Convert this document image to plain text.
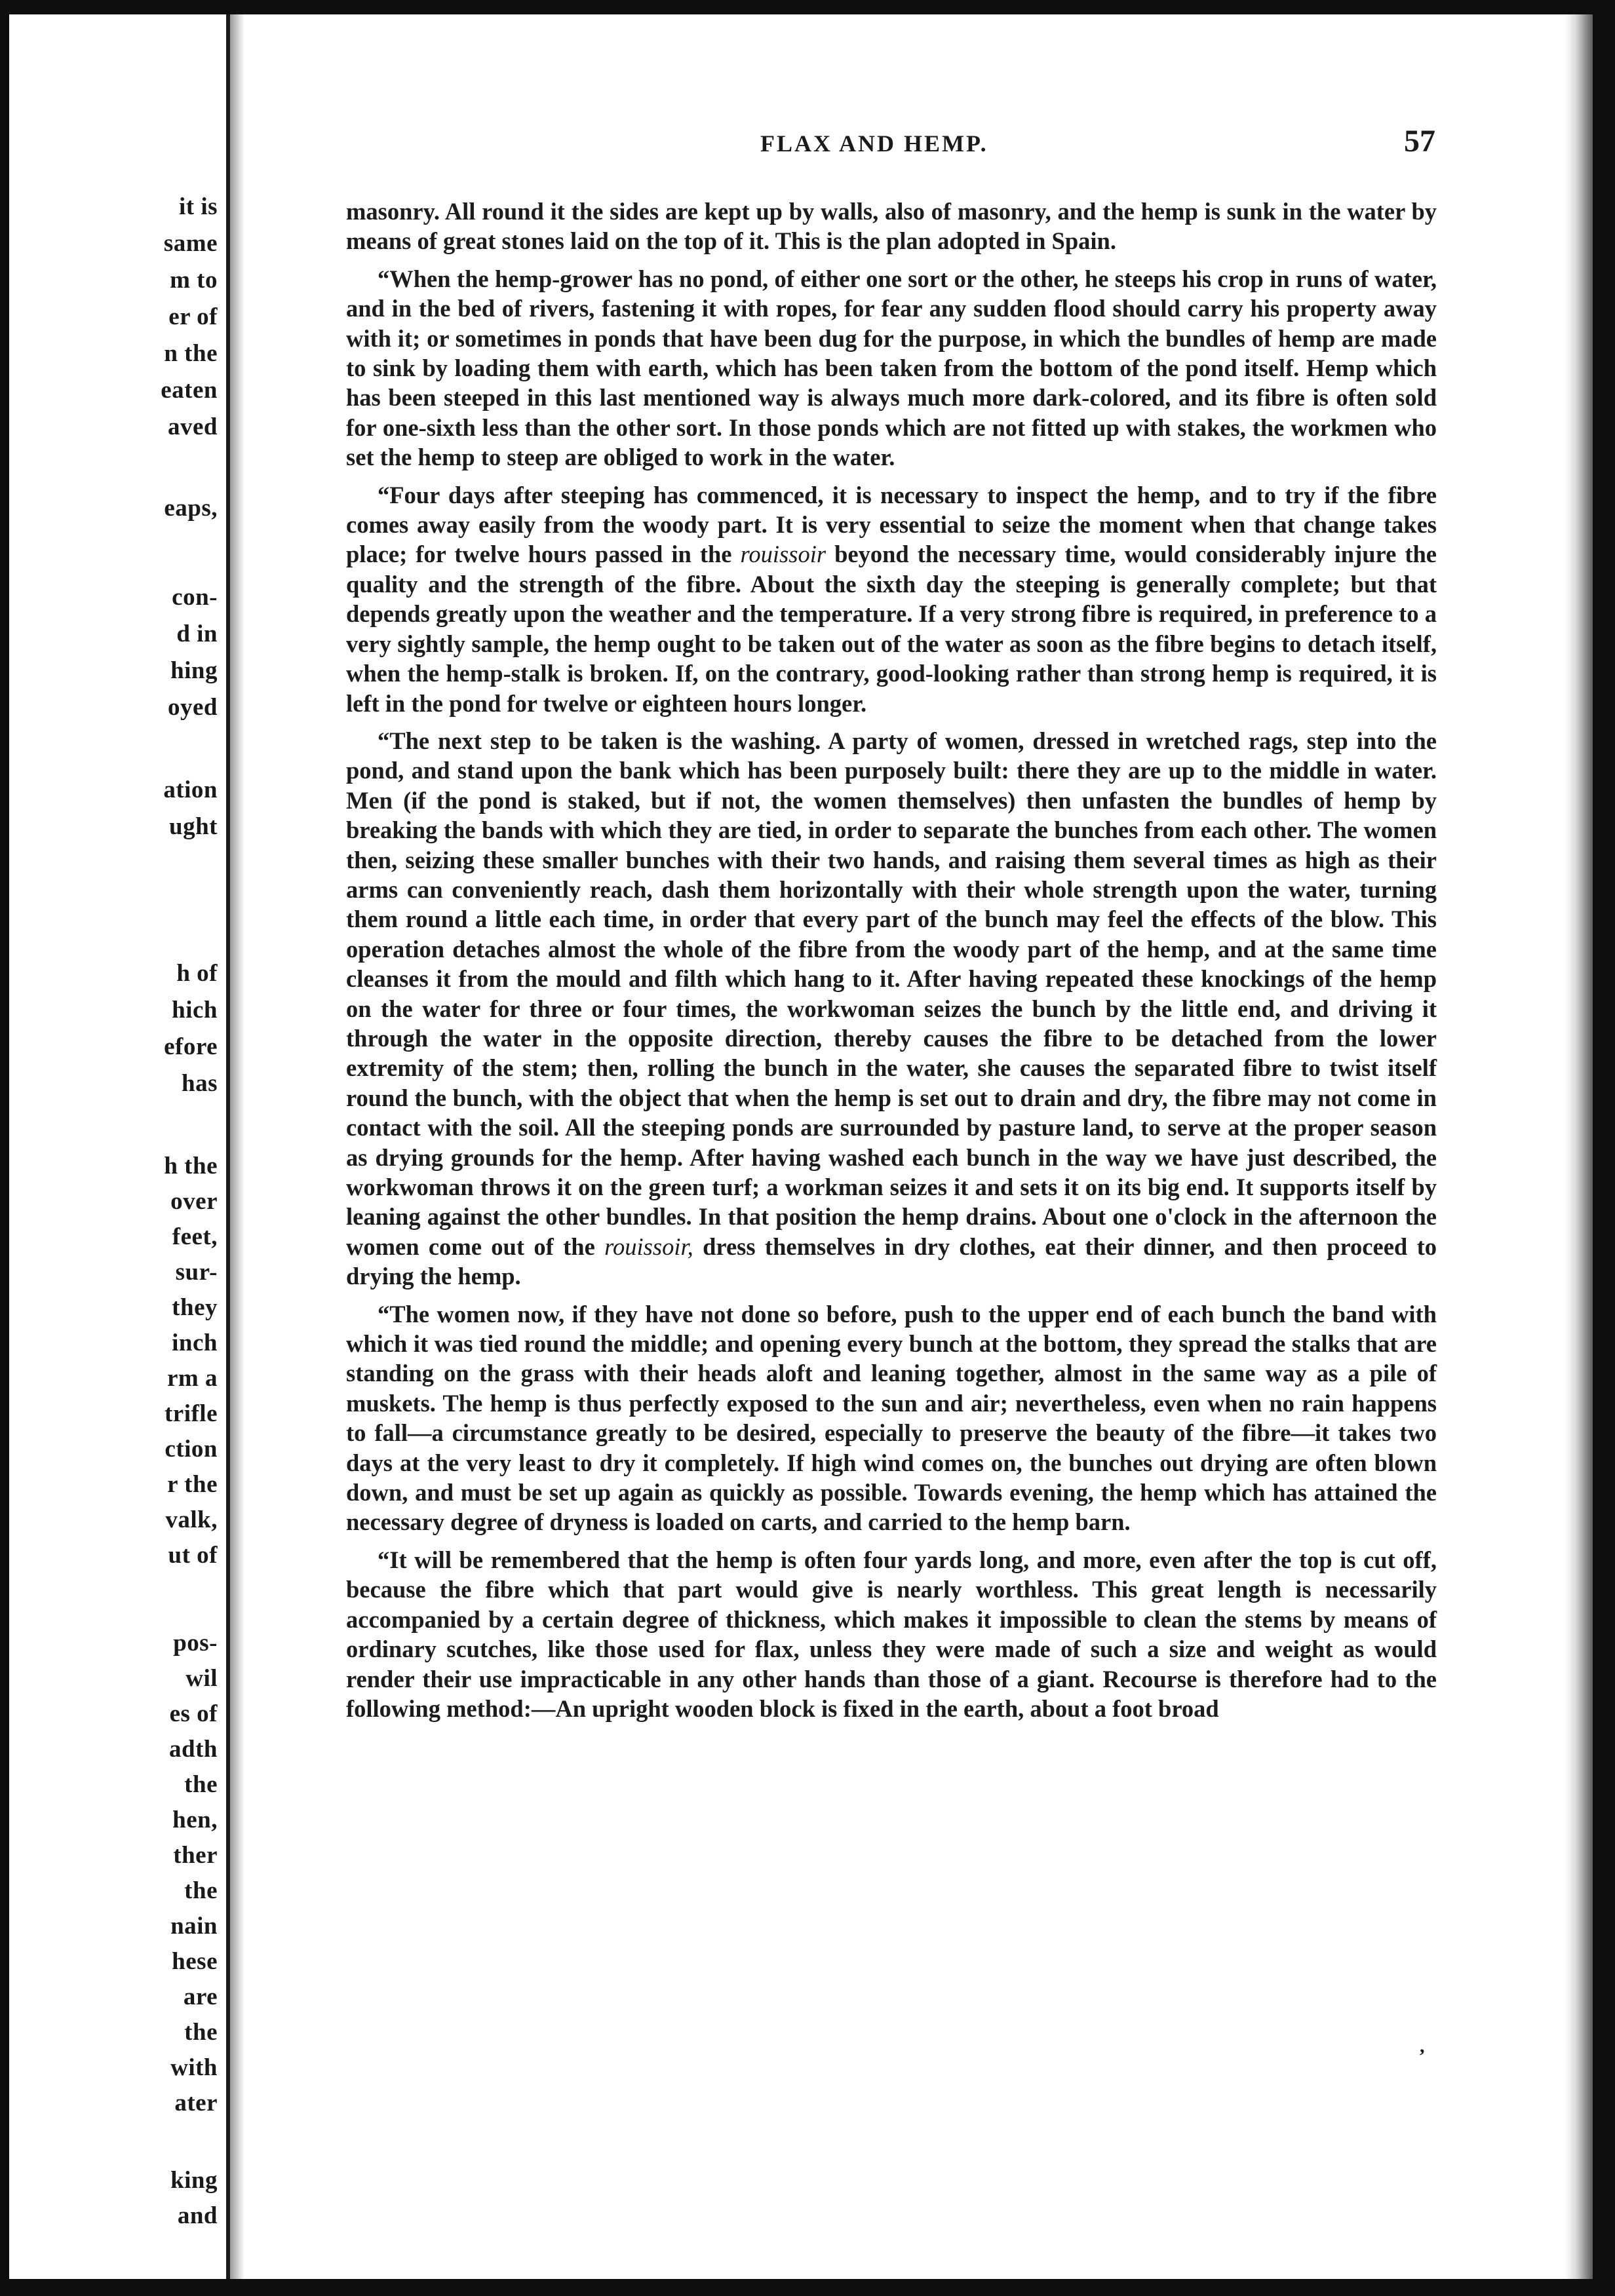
it is

same

m to

er of

n the

eaten

aved

eaps,

con-

d in

hing

oyed

ation

ught

h of

hich

efore

has

h the

over

feet,

sur-

they

inch

rm a

trifle

ction

r the

valk,

ut of

pos-

wil

es of

adth

the

hen,

ther

the

nain

hese

are

the

with

ater

king

and

FLAX AND HEMP.	57

masonry. All round it the sides are kept up by walls, also of masonry, and the hemp is sunk in the water by means of great stones laid on the top of it. This is the plan adopted in Spain.

“When the hemp-grower has no pond, of either one sort or the other, he steeps his crop in runs of water, and in the bed of rivers, fastening it with ropes, for fear any sudden flood should carry his property away with it; or sometimes in ponds that have been dug for the purpose, in which the bundles of hemp are made to sink by loading them with earth, which has been taken from the bottom of the pond itself. Hemp which has been steeped in this last mentioned way is always much more dark-colored, and its fibre is often sold for one-sixth less than the other sort. In those ponds which are not fitted up with stakes, the workmen who set the hemp to steep are obliged to work in the water.

“Four days after steeping has commenced, it is necessary to inspect the hemp, and to try if the fibre comes away easily from the woody part. It is very essential to seize the moment when that change takes place; for twelve hours passed in the rouissoir beyond the necessary time, would considerably injure the quality and the strength of the fibre. About the sixth day the steeping is generally complete; but that depends greatly upon the weather and the temperature. If a very strong fibre is required, in preference to a very sightly sample, the hemp ought to be taken out of the water as soon as the fibre begins to detach itself, when the hemp-stalk is broken. If, on the contrary, good-looking rather than strong hemp is required, it is left in the pond for twelve or eighteen hours longer.

“The next step to be taken is the washing. A party of women, dressed in wretched rags, step into the pond, and stand upon the bank which has been purposely built: there they are up to the middle in water. Men (if the pond is staked, but if not, the women themselves) then unfasten the bundles of hemp by breaking the bands with which they are tied, in order to separate the bunches from each other. The women then, seizing these smaller bunches with their two hands, and raising them several times as high as their arms can conveniently reach, dash them horizontally with their whole strength upon the water, turning them round a little each time, in order that every part of the bunch may feel the effects of the blow. This operation detaches almost the whole of the fibre from the woody part of the hemp, and at the same time cleanses it from the mould and filth which hang to it. After having repeated these knockings of the hemp on the water for three or four times, the workwoman seizes the bunch by the little end, and driving it through the water in the opposite direction, thereby causes the fibre to be detached from the lower extremity of the stem; then, rolling the bunch in the water, she causes the separated fibre to twist itself round the bunch, with the object that when the hemp is set out to drain and dry, the fibre may not come in contact with the soil. All the steeping ponds are surrounded by pasture land, to serve at the proper season as drying grounds for the hemp. After having washed each bunch in the way we have just described, the workwoman throws it on the green turf; a workman seizes it and sets it on its big end. It supports itself by leaning against the other bundles. In that position the hemp drains. About one o'clock in the afternoon the women come out of the rouissoir, dress themselves in dry clothes, eat their dinner, and then proceed to drying the hemp.

“The women now, if they have not done so before, push to the upper end of each bunch the band with which it was tied round the middle; and opening every bunch at the bottom, they spread the stalks that are standing on the grass with their heads aloft and leaning together, almost in the same way as a pile of muskets. The hemp is thus perfectly exposed to the sun and air; nevertheless, even when no rain happens to fall—a circumstance greatly to be desired, especially to preserve the beauty of the fibre—it takes two days at the very least to dry it completely. If high wind comes on, the bunches out drying are often blown down, and must be set up again as quickly as possible. Towards evening, the hemp which has attained the necessary degree of dryness is loaded on carts, and carried to the hemp barn.

“It will be remembered that the hemp is often four yards long, and more, even after the top is cut off, because the fibre which that part would give is nearly worthless. This great length is necessarily accompanied by a certain degree of thickness, which makes it impossible to clean the stems by means of ordinary scutches, like those used for flax, unless they were made of such a size and weight as would render their use impracticable in any other hands than those of a giant. Recourse is therefore had to the following method:—An upright wooden block is fixed in the earth, about a foot broad

,
